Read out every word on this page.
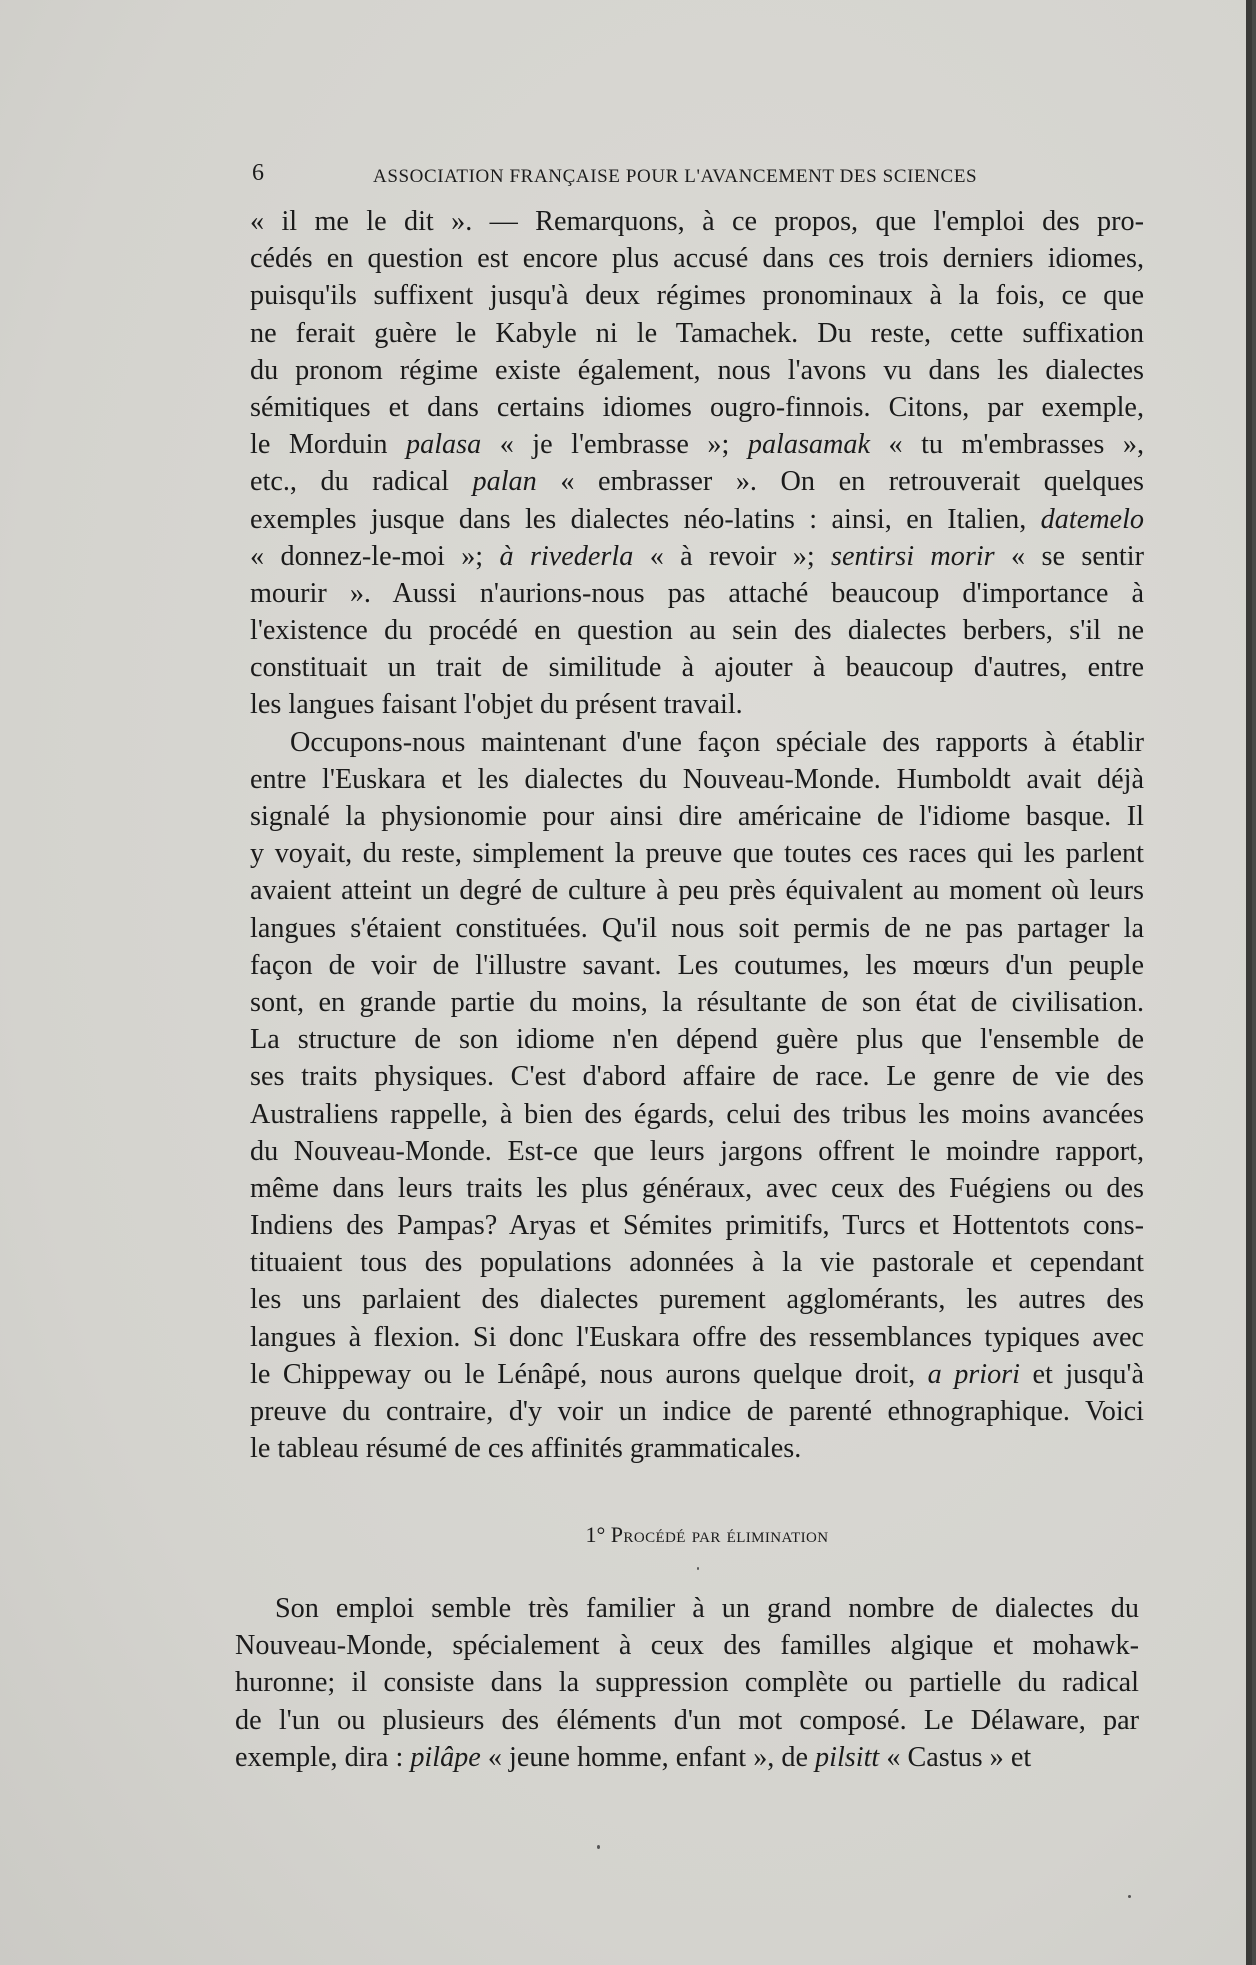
6	ASSOCIATION FRANÇAISE POUR L'AVANCEMENT DES SCIENCES
« il me le dit ». — Remarquons, à ce propos, que l'emploi des pro-
cédés en question est encore plus accusé dans ces trois derniers idiomes,
puisqu'ils suffixent jusqu'à deux régimes pronominaux à la fois, ce que
ne ferait guère le Kabyle ni le Tamachek. Du reste, cette suffixation
du pronom régime existe également, nous l'avons vu dans les dialectes
sémitiques et dans certains idiomes ougro-finnois. Citons, par exemple,
le Morduin palasa « je l'embrasse »; palasamak « tu m'embrasses »,
etc., du radical palan « embrasser ». On en retrouverait quelques
exemples jusque dans les dialectes néo-latins : ainsi, en Italien, datemelo
« donnez-le-moi »; à rivederla « à revoir »; sentirsi morir « se sentir
mourir ». Aussi n'aurions-nous pas attaché beaucoup d'importance à
l'existence du procédé en question au sein des dialectes berbers, s'il ne
constituait un trait de similitude à ajouter à beaucoup d'autres, entre
les langues faisant l'objet du présent travail.
Occupons-nous maintenant d'une façon spéciale des rapports à établir
entre l'Euskara et les dialectes du Nouveau-Monde. Humboldt avait déjà
signalé la physionomie pour ainsi dire américaine de l'idiome basque. Il
y voyait, du reste, simplement la preuve que toutes ces races qui les parlent
avaient atteint un degré de culture à peu près équivalent au moment où leurs
langues s'étaient constituées. Qu'il nous soit permis de ne pas partager la
façon de voir de l'illustre savant. Les coutumes, les mœurs d'un peuple
sont, en grande partie du moins, la résultante de son état de civilisation.
La structure de son idiome n'en dépend guère plus que l'ensemble de
ses traits physiques. C'est d'abord affaire de race. Le genre de vie des
Australiens rappelle, à bien des égards, celui des tribus les moins avancées
du Nouveau-Monde. Est-ce que leurs jargons offrent le moindre rapport,
même dans leurs traits les plus généraux, avec ceux des Fuégiens ou des
Indiens des Pampas? Aryas et Sémites primitifs, Turcs et Hottentots cons-
tituaient tous des populations adonnées à la vie pastorale et cependant
les uns parlaient des dialectes purement agglomérants, les autres des
langues à flexion. Si donc l'Euskara offre des ressemblances typiques avec
le Chippeway ou le Lénâpé, nous aurons quelque droit, a priori et jusqu'à
preuve du contraire, d'y voir un indice de parenté ethnographique. Voici
le tableau résumé de ces affinités grammaticales.
1° Procédé par élimination
Son emploi semble très familier à un grand nombre de dialectes du
Nouveau-Monde, spécialement à ceux des familles algique et mohawk-
huronne; il consiste dans la suppression complète ou partielle du radical
de l'un ou plusieurs des éléments d'un mot composé. Le Délaware, par
exemple, dira : pilâpe « jeune homme, enfant », de pilsitt « Castus » et
